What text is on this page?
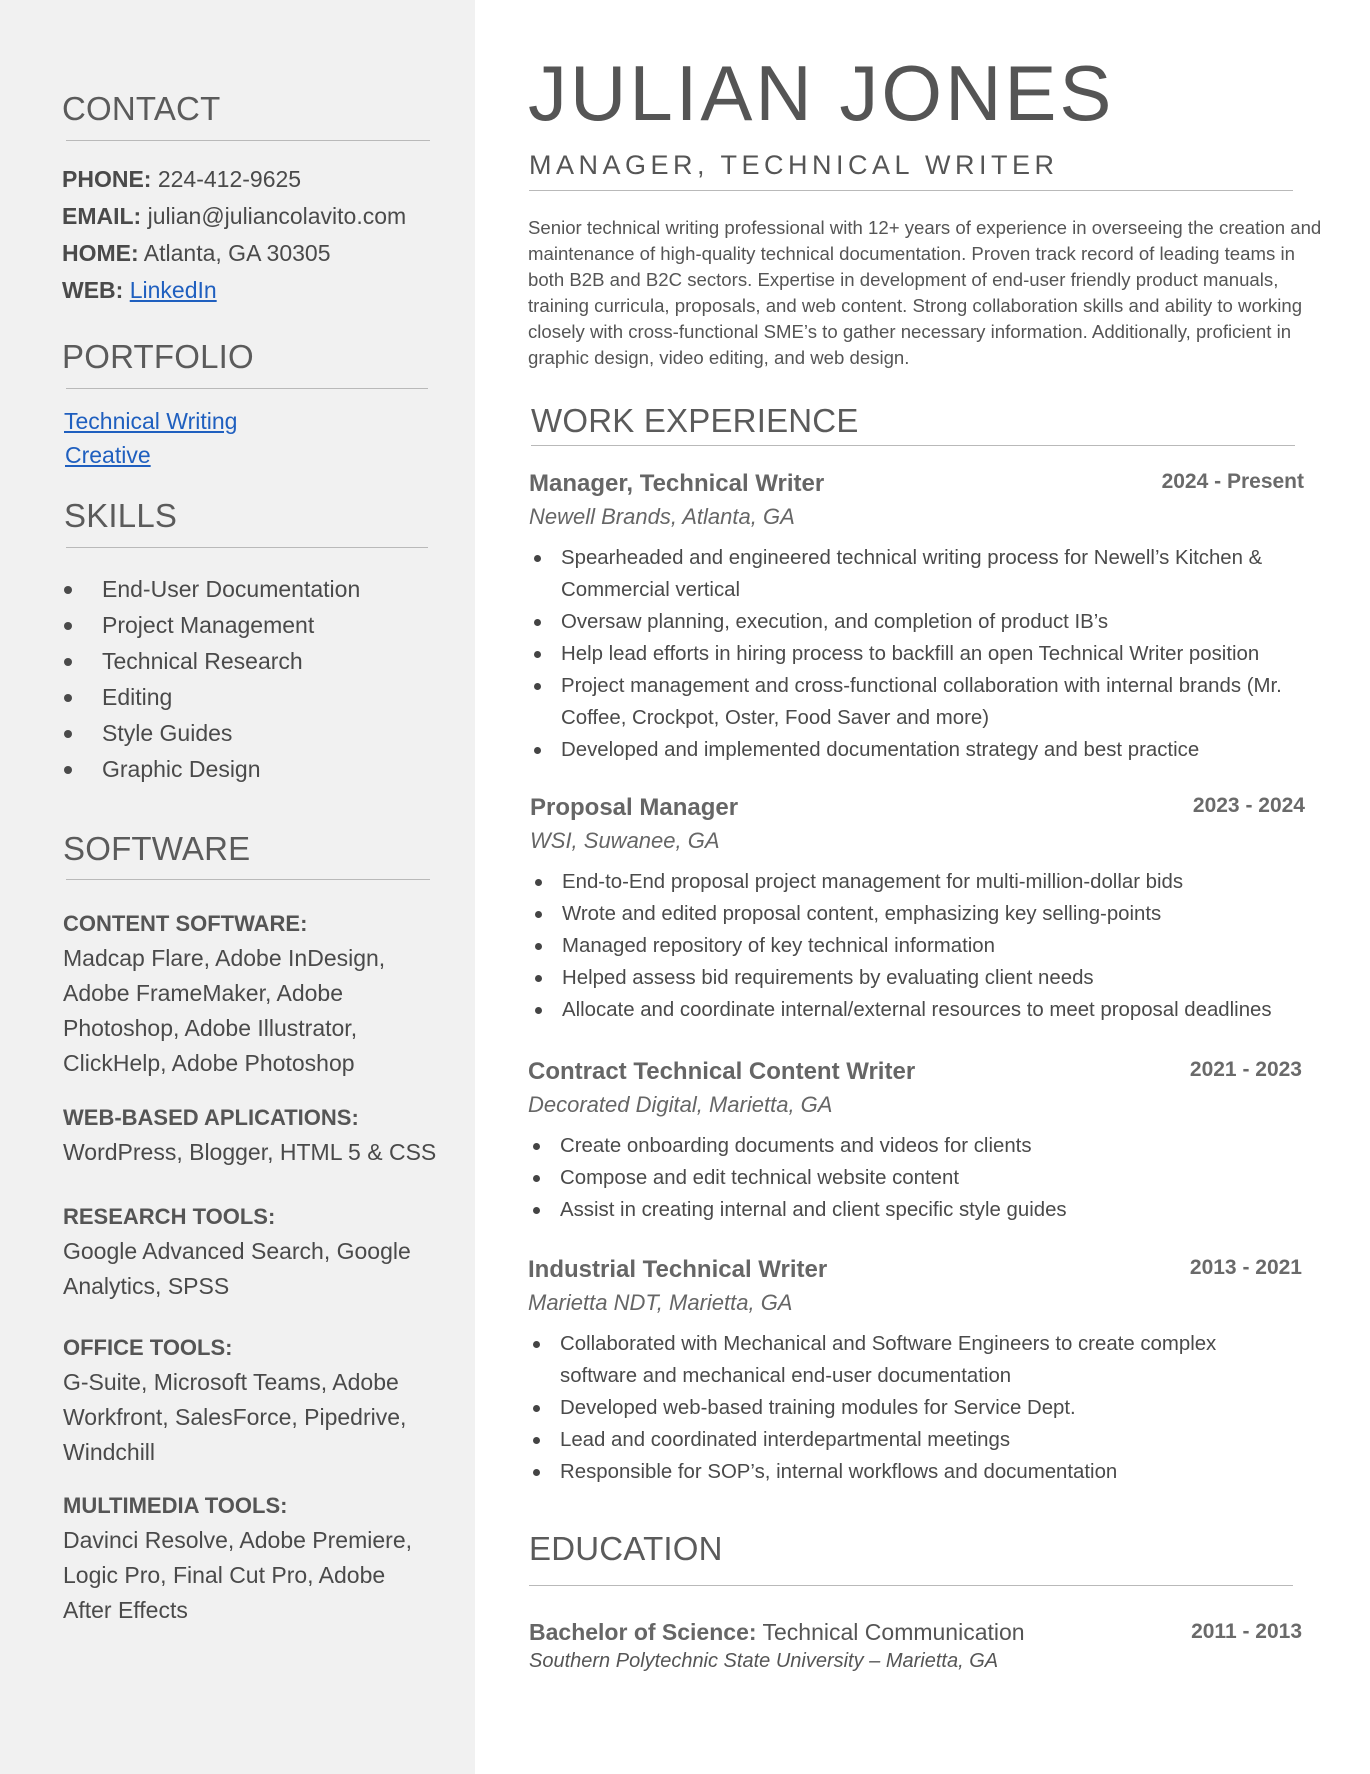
CONTACT
PHONE: 224-412-9625
EMAIL: julian@juliancolavito.com
HOME: Atlanta, GA 30305
WEB: LinkedIn
PORTFOLIO
Technical Writing
Creative
SKILLS
End-User Documentation
Project Management
Technical Research
Editing
Style Guides
Graphic Design
SOFTWARE
CONTENT SOFTWARE:
Madcap Flare, Adobe InDesign,
Adobe FrameMaker, Adobe
Photoshop, Adobe Illustrator,
ClickHelp, Adobe Photoshop
WEB-BASED APLICATIONS:
WordPress, Blogger, HTML 5 & CSS
RESEARCH TOOLS:
Google Advanced Search, Google
Analytics, SPSS
OFFICE TOOLS:
G-Suite, Microsoft Teams, Adobe
Workfront, SalesForce, Pipedrive,
Windchill
MULTIMEDIA TOOLS:
Davinci Resolve, Adobe Premiere,
Logic Pro, Final Cut Pro, Adobe
After Effects
JULIAN JONES
MANAGER, TECHNICAL WRITER

Senior technical writing professional with 12+ years of experience in overseeing the creation and maintenance of high-quality technical documentation. Proven track record of leading teams in both B2B and B2C sectors. Expertise in development of end-user friendly product manuals, training curricula, proposals, and web content. Strong collaboration skills and ability to working closely with cross-functional SME’s to gather necessary information. Additionally, proficient in graphic design, video editing, and web design.

WORK EXPERIENCE
Manager, Technical Writer	2024 - Present
Newell Brands, Atlanta, GA
Spearheaded and engineered technical writing process for Newell’s Kitchen &
Commercial vertical
Oversaw planning, execution, and completion of product IB’s
Help lead efforts in hiring process to backfill an open Technical Writer position
Project management and cross-functional collaboration with internal brands (Mr.
Coffee, Crockpot, Oster, Food Saver and more)
Developed and implemented documentation strategy and best practice
Proposal Manager	2023 - 2024
WSI, Suwanee, GA
End-to-End proposal project management for multi-million-dollar bids
Wrote and edited proposal content, emphasizing key selling-points
Managed repository of key technical information
Helped assess bid requirements by evaluating client needs
Allocate and coordinate internal/external resources to meet proposal deadlines
Contract Technical Content Writer	2021 - 2023
Decorated Digital, Marietta, GA
Create onboarding documents and videos for clients
Compose and edit technical website content
Assist in creating internal and client specific style guides
Industrial Technical Writer	2013 - 2021
Marietta NDT, Marietta, GA
Collaborated with Mechanical and Software Engineers to create complex
software and mechanical end-user documentation
Developed web-based training modules for Service Dept.
Lead and coordinated interdepartmental meetings
Responsible for SOP’s, internal workflows and documentation
EDUCATION
Bachelor of Science: Technical Communication	2011 - 2013
Southern Polytechnic State University – Marietta, GA
